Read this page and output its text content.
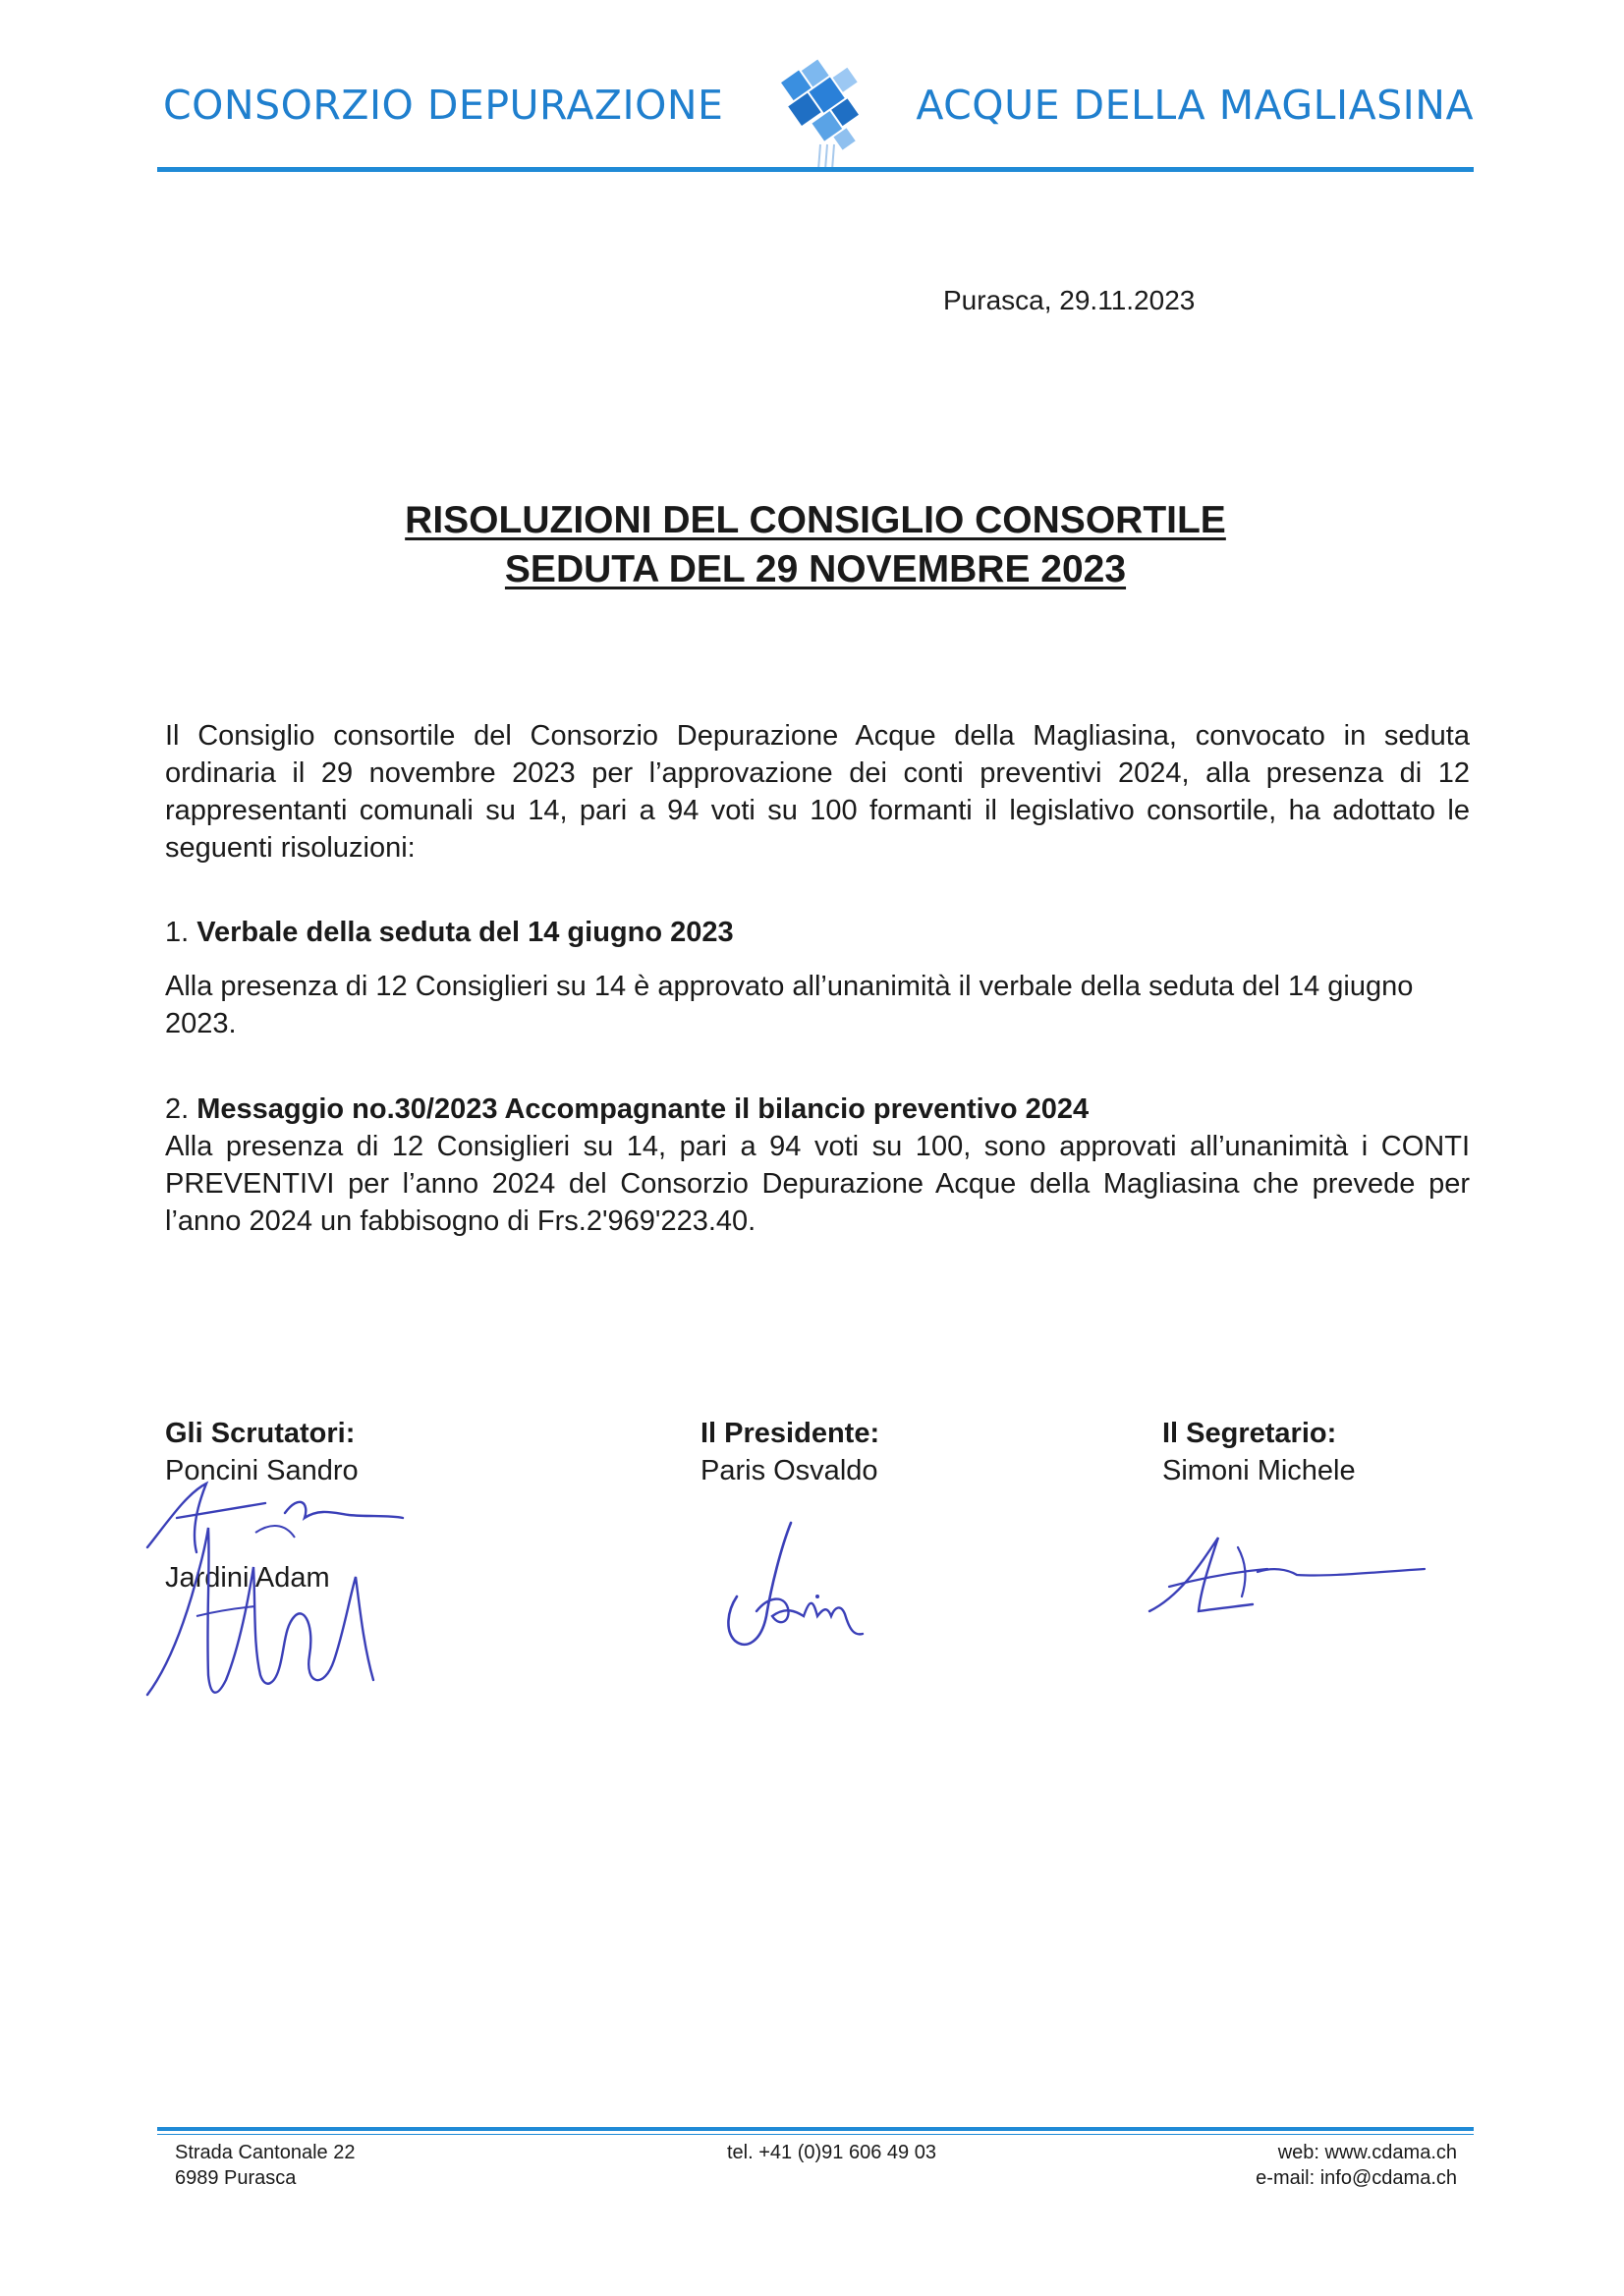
CONSORZIO DEPURAZIONE	ACQUE DELLA MAGLIASINA
Purasca, 29.11.2023
RISOLUZIONI DEL CONSIGLIO CONSORTILE
SEDUTA DEL 29 NOVEMBRE 2023
Il Consiglio consortile del Consorzio Depurazione Acque della Magliasina, convocato in seduta ordinaria il 29 novembre 2023 per l’approvazione dei conti preventivi 2024, alla presenza di 12 rappresentanti comunali su 14, pari a 94 voti su 100 formanti il legislativo consortile, ha adottato le seguenti risoluzioni:
1. Verbale della seduta del 14 giugno 2023
Alla presenza di 12 Consiglieri su 14 è approvato all’unanimità il verbale della seduta del 14 giugno 2023.
2. Messaggio no.30/2023 Accompagnante il bilancio preventivo 2024
Alla presenza di 12 Consiglieri su 14, pari a 94 voti su 100, sono approvati all’unanimità i CONTI PREVENTIVI per l’anno 2024 del Consorzio Depurazione Acque della Magliasina che prevede per l’anno 2024 un fabbisogno di Frs.2'969'223.40.
Gli Scrutatori:
Poncini Sandro
Jardini Adam
Il Presidente:
Paris Osvaldo
Il Segretario:
Simoni Michele
Strada Cantonale 22
6989 Purasca
tel. +41 (0)91 606 49 03	web: www.cdama.ch
e-mail: info@cdama.ch
